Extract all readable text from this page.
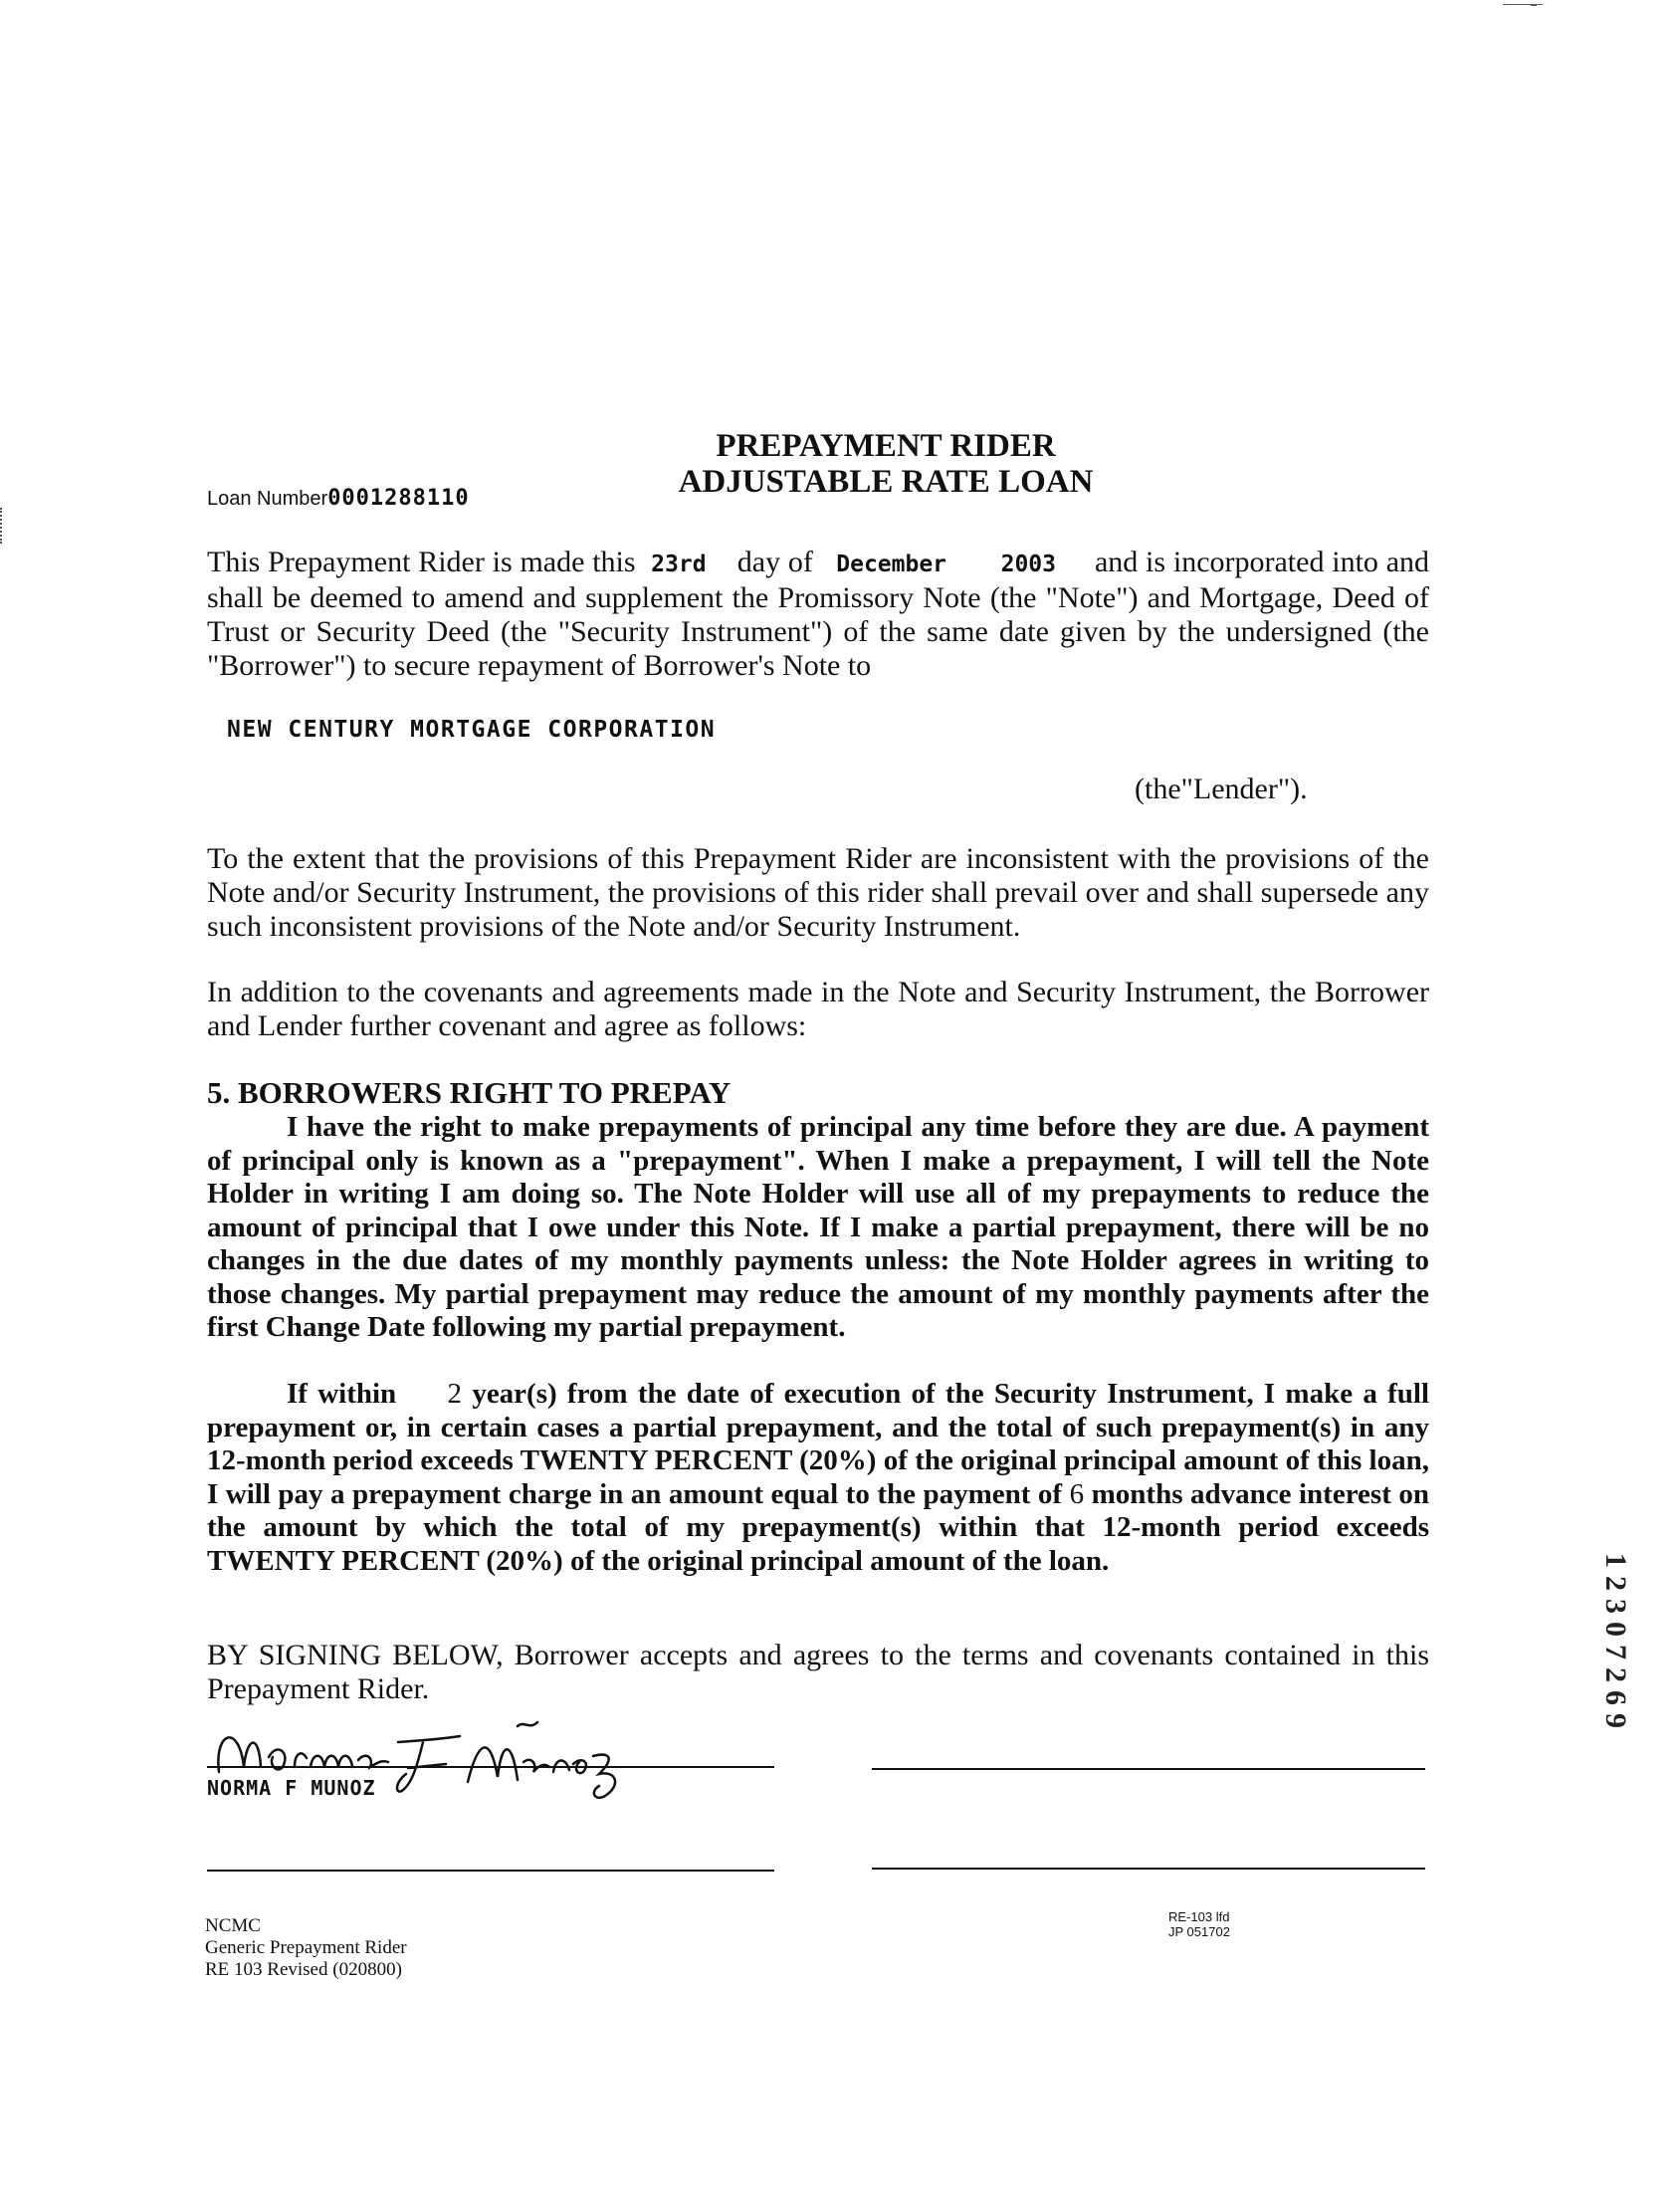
PREPAYMENT RIDER
ADJUSTABLE RATE LOAN
Loan Number0001288110
This Prepayment Rider is made this 23rd day of December 2003 and is incorporated into and shall be deemed to amend and supplement the Promissory Note (the "Note") and Mortgage, Deed of Trust or Security Deed (the "Security Instrument") of the same date given by the undersigned (the "Borrower") to secure repayment of Borrower's Note to
NEW CENTURY MORTGAGE CORPORATION
(the"Lender").
To the extent that the provisions of this Prepayment Rider are inconsistent with the provisions of the Note and/or Security Instrument, the provisions of this rider shall prevail over and shall supersede any such inconsistent provisions of the Note and/or Security Instrument.
In addition to the covenants and agreements made in the Note and Security Instrument, the Borrower and Lender further covenant and agree as follows:
5. BORROWERS RIGHT TO PREPAY
I have the right to make prepayments of principal any time before they are due. A payment of principal only is known as a "prepayment". When I make a prepayment, I will tell the Note Holder in writing I am doing so. The Note Holder will use all of my prepayments to reduce the amount of principal that I owe under this Note. If I make a partial prepayment, there will be no changes in the due dates of my monthly payments unless: the Note Holder agrees in writing to those changes. My partial prepayment may reduce the amount of my monthly payments after the first Change Date following my partial prepayment.
If within 2 year(s) from the date of execution of the Security Instrument, I make a full prepayment or, in certain cases a partial prepayment, and the total of such prepayment(s) in any 12-month period exceeds TWENTY PERCENT (20%) of the original principal amount of this loan, I will pay a prepayment charge in an amount equal to the payment of 6 months advance interest on the amount by which the total of my prepayment(s) within that 12-month period exceeds TWENTY PERCENT (20%) of the original principal amount of the loan.
BY SIGNING BELOW, Borrower accepts and agrees to the terms and covenants contained in this Prepayment Rider.
NORMA F MUNOZ
NCMC
Generic Prepayment Rider
RE 103 Revised (020800)
RE-103 lfd
JP 051702
12307269
